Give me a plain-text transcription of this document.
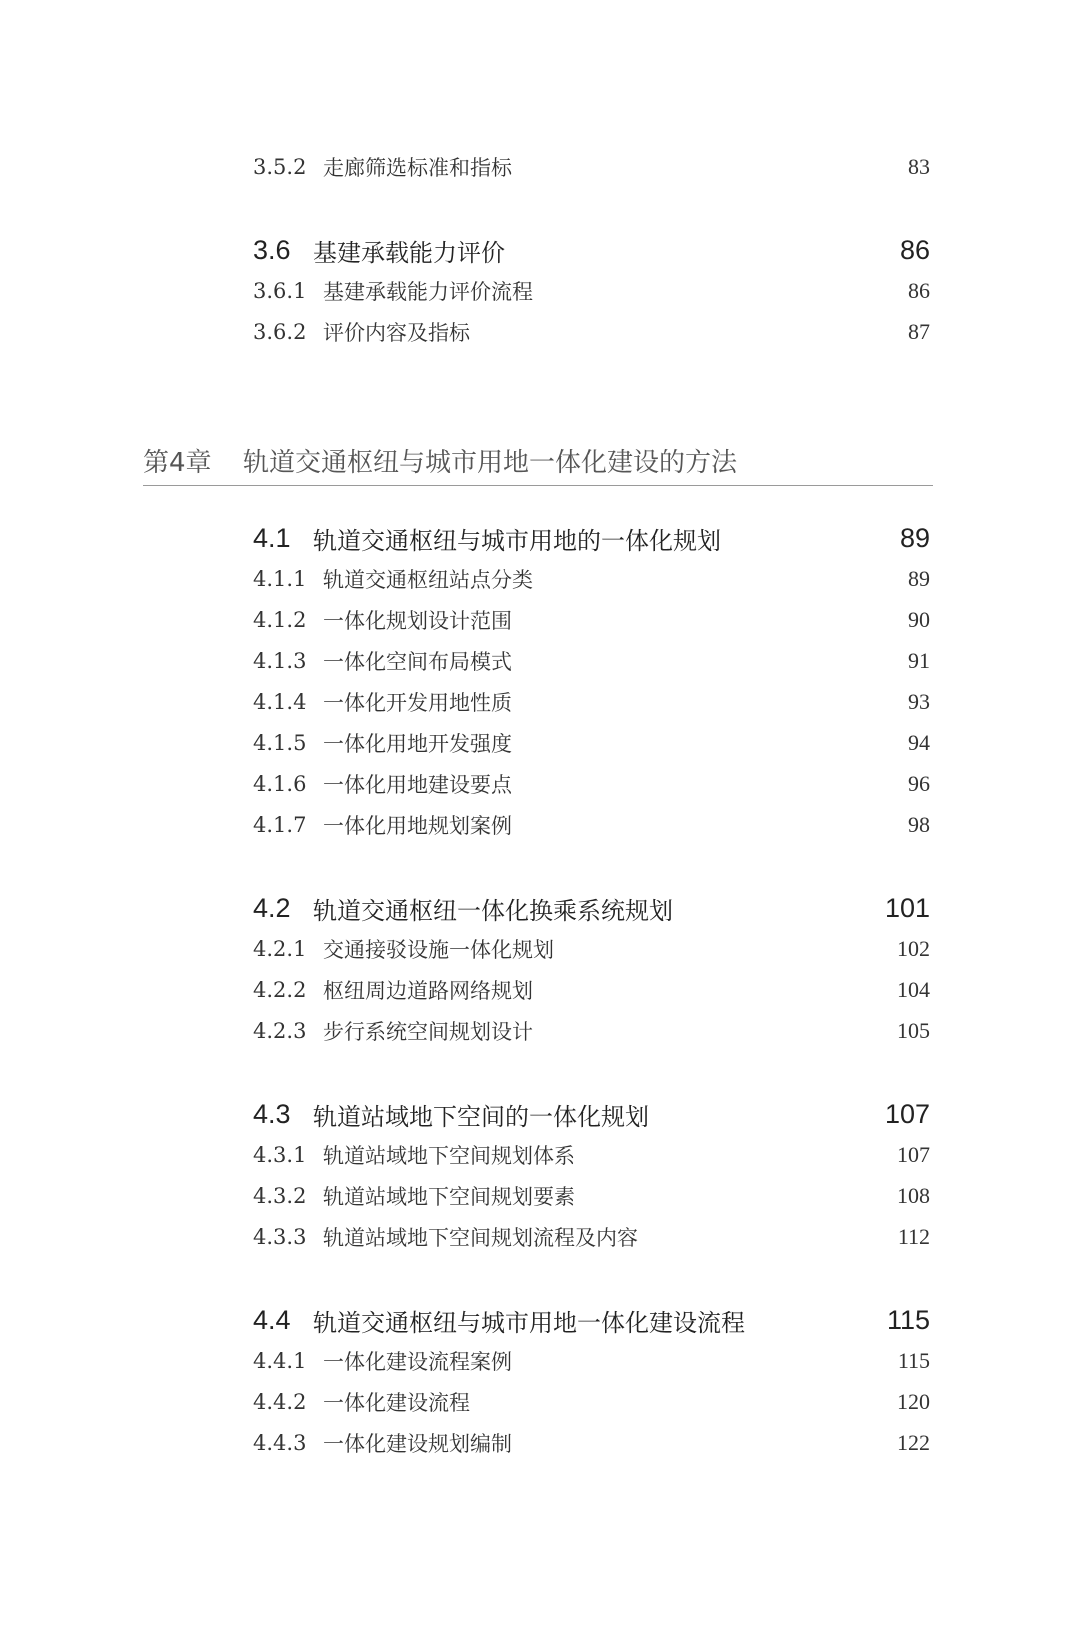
3.5.2 走廊筛选标准和指标	83
3.6 基建承载能力评价	86
3.6.1 基建承载能力评价流程	86
3.6.2 评价内容及指标	87
第4章	轨道交通枢纽与城市用地一体化建设的方法
4.1 轨道交通枢纽与城市用地的一体化规划	89
4.1.1 轨道交通枢纽站点分类	89
4.1.2 一体化规划设计范围	90
4.1.3 一体化空间布局模式	91
4.1.4 一体化开发用地性质	93
4.1.5 一体化用地开发强度	94
4.1.6 一体化用地建设要点	96
4.1.7 一体化用地规划案例	98
4.2 轨道交通枢纽一体化换乘系统规划	101
4.2.1 交通接驳设施一体化规划	102
4.2.2 枢纽周边道路网络规划	104
4.2.3 步行系统空间规划设计	105
4.3 轨道站域地下空间的一体化规划	107
4.3.1 轨道站域地下空间规划体系	107
4.3.2 轨道站域地下空间规划要素	108
4.3.3 轨道站域地下空间规划流程及内容	112
4.4 轨道交通枢纽与城市用地一体化建设流程	115
4.4.1 一体化建设流程案例	115
4.4.2 一体化建设流程	120
4.4.3 一体化建设规划编制	122
